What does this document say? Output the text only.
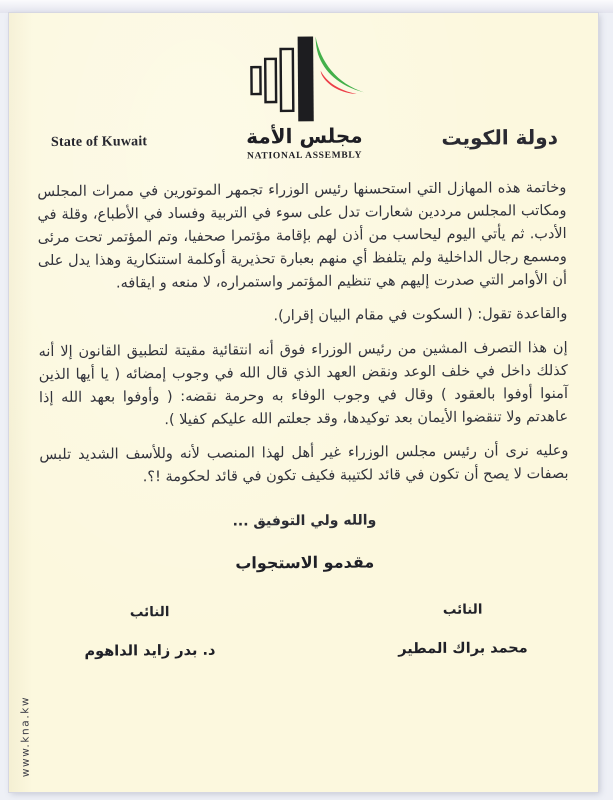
State of Kuwait	مجلس الأمة
NATIONAL ASSEMBLY
دولة الكويت

وخاتمة هذه المهازل التي استحسنها رئيس الوزراء تجمهر الموتورين في ممرات المجلس ومكاتب المجلس مرددين شعارات تدل على سوء في التربية وفساد في الأطباع، وقلة في الأدب. ثم يأتي اليوم ليحاسب من أذن لهم بإقامة مؤتمرا صحفيا، وتم المؤتمر تحت مرئى ومسمع رجال الداخلية ولم يتلفظ أي منهم بعبارة تحذيرية أوكلمة استنكارية وهذا يدل على أن الأوامر التي صدرت إليهم هي تنظيم المؤتمر واستمراره، لا منعه و ايقافه.

والقاعدة تقول: ( السكوت في مقام البيان إقرار).

إن هذا التصرف المشين من رئيس الوزراء فوق أنه انتقائية مقيتة لتطبيق القانون إلا أنه كذلك داخل في خلف الوعد ونقض العهد الذي قال الله في وجوب إمضائه ( يا أيها الذين آمنوا أوفوا بالعقود ) وقال في وجوب الوفاء به وحرمة نقضه: ( وأوفوا بعهد الله إذا عاهدتم ولا تنقضوا الأيمان بعد توكيدها، وقد جعلتم الله عليكم كفيلا ).

وعليه نرى أن رئيس مجلس الوزراء غير أهل لهذا المنصب لأنه وللأسف الشديد تلبس بصفات لا يصح أن تكون في قائد لكتيبة فكيف تكون في قائد لحكومة !؟.

والله ولي التوفيق ...
مقدمو الاستجواب
النائب
محمد براك المطير
النائب
د. بدر زايد الداهوم
www.kna.kw
